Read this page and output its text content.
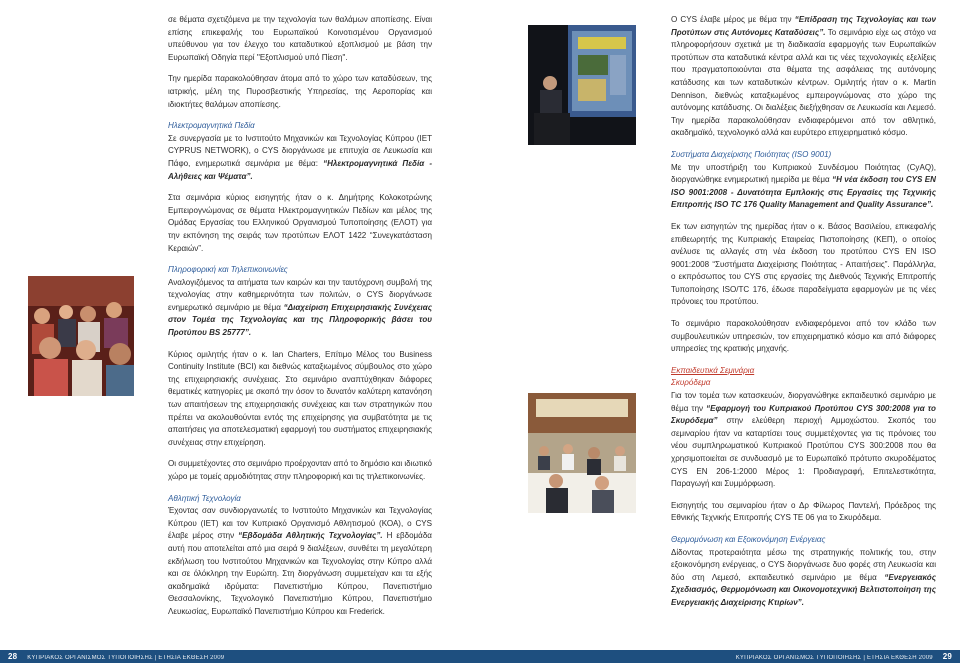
σε θέματα σχετιζόμενα με την τεχνολογία των θαλάμων αποπίεσης. Είναι επίσης επικεφαλής του Ευρωπαϊκού Κοινοτισμένου Οργανισμού υπεύθυνου για τον έλεγχο του καταδυτικού εξοπλισμού με βάση την Ευρωπαϊκή Οδηγία περί ''Εξοπλισμού υπό Πίεση''.

Την ημερίδα παρακολούθησαν άτομα από το χώρο των καταδύσεων, της ιατρικής, μέλη της Πυροσβεστικής Υπηρεσίας, της Αεροπορίας και ιδιοκτήτες θαλάμων αποπίεσης.

Ηλεκτρομαγνητικά Πεδία

Σε συνεργασία με το Ινστιτούτο Μηχανικών και Τεχνολογίας Κύπρου (IET CYPRUS NETWORK), ο CYS διοργάνωσε με επιτυχία σε Λευκωσία και Πάφο, ενημερωτικά σεμινάρια με θέμα: “Ηλεκτρομαγνητικά Πεδία - Αλήθειες και Ψέματα”.

Στα σεμινάρια κύριος εισηγητής ήταν ο κ. Δημήτρης Κολοκοτρώνης Εμπειρογνώμονας σε θέματα Ηλεκτρομαγνητικών Πεδίων και μέλος της Ομάδας Εργασίας του Ελληνικού Οργανισμού Τυποποίησης (ΕΛΟΤ) για την εκπόνηση της σειράς των προτύπων ΕΛΟΤ 1422 “Συνεγκατάσταση Κεραιών”.

Πληροφορική και Τηλεπικοινωνίες

Αναλογιζόμενος τα αιτήματα των καιρών και την ταυτόχρονη συμβολή της τεχνολογίας στην καθημερινότητα των πολιτών, ο CYS διοργάνωσε ενημερωτικό σεμινάριο με θέμα “Διαχείριση Επιχειρησιακής Συνέχειας στον Τομέα της Τεχνολογίας και της Πληροφορικής βάσει του Προτύπου BS 25777”.

Κύριος ομιλητής ήταν ο κ. Ian Charters, Επίτιμο Μέλος του Business Continuity Institute (BCI) και διεθνώς καταξιωμένος σύμβουλος στο χώρο της επιχειρησιακής συνέχειας. Στο σεμινάριο αναπτύχθηκαν διάφορες θεματικές κατηγορίες με σκοπό την όσον το δυνατόν καλύτερη κατανόηση των απαιτήσεων της επιχειρησιακής συνέχειας και των στρατηγικών που πρέπει να ακολουθούνται εντός της επιχείρησης για συμβατότητα με τις απαιτήσεις για αποτελεσματική εφαρμογή του συστήματος επιχειρησιακής συνέχειας στην επιχείρηση.

Οι συμμετέχοντες στο σεμινάριο προέρχονταν από το δημόσιο και ιδιωτικό χώρο με τομείς αρμοδιότητας στην πληροφορική και τις τηλεπικοινωνίες.

Αθλητική Τεχνολογία

Έχοντας σαν συνδιοργανωτές το Ινστιτούτο Μηχανικών και Τεχνολογίας Κύπρου (IET) και τον Κυπριακό Οργανισμό Αθλητισμού (ΚΟΑ), ο CYS έλαβε μέρος στην “Εβδομάδα Αθλητικής Τεχνολογίας”. Η εβδομάδα αυτή που αποτελείται από μια σειρά 9 διαλέξεων, συνθέτει τη μεγαλύτερη εκδήλωση του Ινστιτούτου Μηχανικών και Τεχνολογίας στην Κύπρο αλλά και σε όλόκληρη την Ευρώπη. Στη διοργάνωση συμμετείχαν και τα εξής ακαδημαϊκά ιδρύματα: Πανεπιστήμιο Κύπρου, Πανεπιστήμιο Θεσσαλονίκης, Τεχνολογικό Πανεπιστήμιο Κύπρου, Πανεπιστήμιο Λευκωσίας, Ευρωπαϊκό Πανεπιστήμιο Κύπρου και Frederick.

28 ΚΥΠΡΙΑΚΟΣ ΟΡΓΑΝΙΣΜΟΣ ΤΥΠΟΠΟΙΗΣΗΣ | ΕΤΗΣΙΑ ΕΚΘΕΣΗ 2009

Ο CYS έλαβε μέρος με θέμα την “Επίδραση της Τεχνολογίας και των Προτύπων στις Αυτόνομες Καταδύσεις”. Το σεμινάριο είχε ως στόχο να πληροφορήσουν σχετικά με τη διαδικασία εφαρμογής των Ευρωπαϊκών προτύπων στα καταδυτικά κέντρα αλλά και τις νέες τεχνολογικές εξελίξεις που πραγματοποιούνται στα θέματα της ασφάλειας της αυτόνομης κατάδυσης και των καταδυτικών κέντρων. Ομιλητής ήταν ο κ. Martin Dennison, διεθνώς καταξιωμένος εμπειρογνώμονας στο χώρο της αυτόνομης κατάδυσης. Οι διαλέξεις διεξήχθησαν σε Λευκωσία και Λεμεσό. Την ημερίδα παρακολούθησαν ενδιαφερόμενοι από τον αθλητικό, ακαδημαϊκό, τεχνολογικό αλλά και ευρύτερο επιχειρηματικό κόσμο.

Συστήματα Διαχείρισης Ποιότητας (ISO 9001)

Με την υποστήριξη του Κυπριακού Συνδέσμου Ποιότητας (CyAQ), διοργανώθηκε ενημερωτική ημερίδα με θέμα “Η νέα έκδοση του CYS EN ISO 9001:2008 - Δυνατότητα Εμπλοκής στις Εργασίες της Τεχνικής Επιτροπής ISO TC 176 Quality Management and Quality Assurance”.

Εκ των εισηγητών της ημερίδας ήταν ο κ. Βάσος Βασιλείου, επικεφαλής επιθεωρητής της Κυπριακής Εταιρείας Πιστοποίησης (ΚΕΠ), ο οποίος ανέλυσε τις αλλαγές στη νέα έκδοση του προτύπου CYS EN ISO 9001:2008 “Συστήματα Διαχείρισης Ποιότητας - Απαιτήσεις”. Παράλληλα, ο εκπρόσωπος του CYS στις εργασίες της Διεθνούς Τεχνικής Επιτροπής Τυποποίησης ISO/TC 176, έδωσε παραδείγματα εφαρμογών με τις νέες πρόνοιες του προτύπου.

Το σεμινάριο παρακολούθησαν ενδιαφερόμενοι από τον κλάδο των συμβουλευτικών υπηρεσιών, τον επιχειρηματικό κόσμο και από διάφορες υπηρεσίες της κρατικής μηχανής.

Εκπαιδευτικά Σεμινάρια

Σκυρόδεμα

Για τον τομέα των κατασκευών, διοργανώθηκε εκπαιδευτικό σεμινάριο με θέμα την “Εφαρμογή του Κυπριακού Προτύπου CYS 300:2008 για το Σκυρόδεμα” στην ελεύθερη περιοχή Αμμοχώστου. Σκοπός του σεμιναρίου ήταν να καταρτίσει τους συμμετέχοντες για τις πρόνοιες του νέου συμπληρωματικού Κυπριακού Προτύπου CYS 300:2008 που θα χρησιμοποιείται σε συνδυασμό με το Ευρωπαϊκό πρότυπο σκυροδέματος CYS EN 206-1:2000 Μέρος 1: Προδιαγραφή, Επιτελεστικότητα, Παραγωγή και Συμμόρφωση.

Εισηγητής του σεμιναρίου ήταν ο Δρ Φίλωρος Παντελή, Πρόεδρος της Εθνικής Τεχνικής Επιτροπής CYS TE 06 για το Σκυρόδεμα.

Θερμομόνωση και Εξοικονόμηση Ενέργειας

Δίδοντας προτεραιότητα μέσω της στρατηγικής πολιτικής του, στην εξοικονόμηση ενέργειας, ο CYS διοργάνωσε δυο φορές στη Λευκωσία και δύο στη Λεμεσό, εκπαιδευτικό σεμινάριο με θέμα “Ενεργειακός Σχεδιασμός, Θερμομόνωση και Οικονομοτεχνική Βελτιστοποίηση της Ενεργειακής Διαχείρισης Κτιρίων”.

ΚΥΠΡΙΑΚΟΣ ΟΡΓΑΝΙΣΜΟΣ ΤΥΠΟΠΟΙΗΣΗΣ | ΕΤΗΣΙΑ ΕΚΘΕΣΗ 2009 29
